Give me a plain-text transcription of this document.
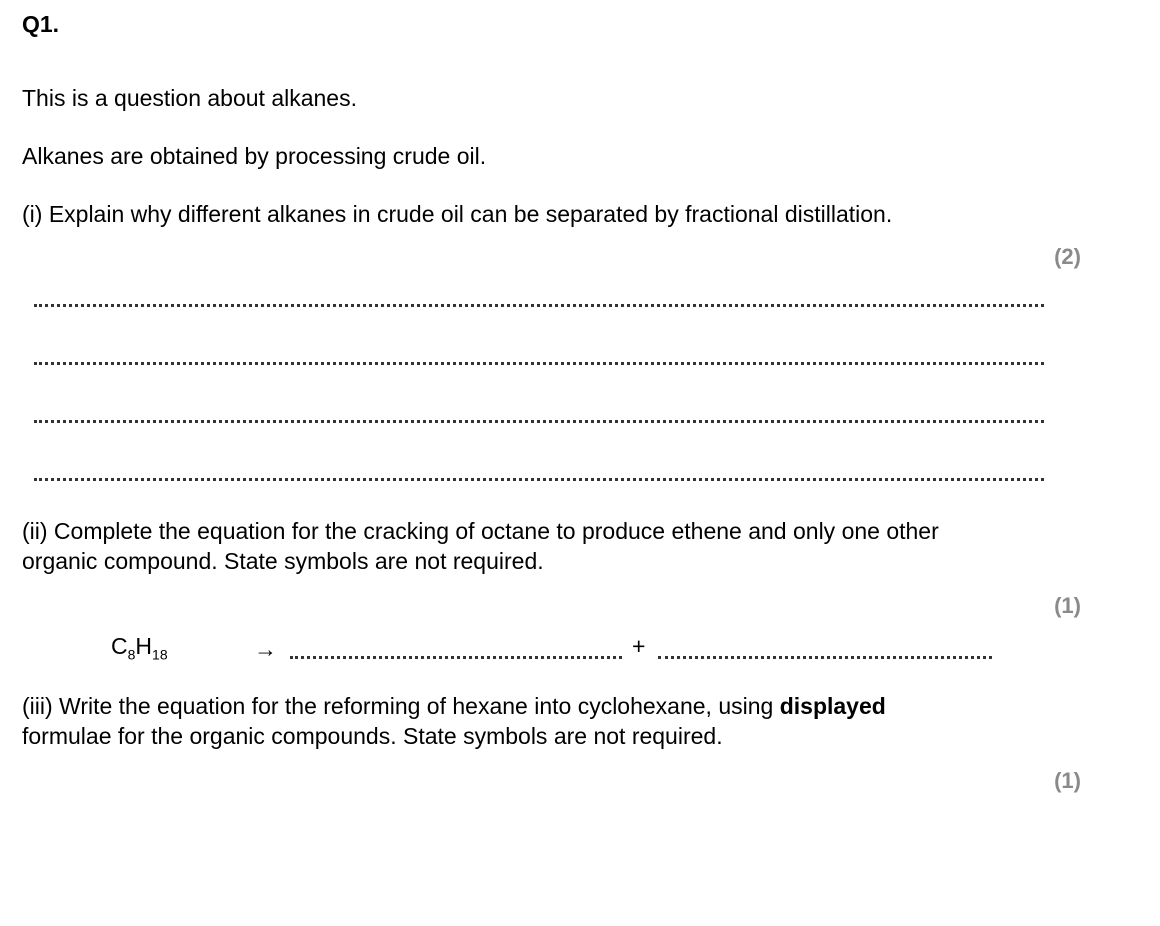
Q1.
This is a question about alkanes.
Alkanes are obtained by processing crude oil.
(i) Explain why different alkanes in crude oil can be separated by fractional distillation.
(2)
(ii) Complete the equation for the cracking of octane to produce ethene and only one other
organic compound. State symbols are not required.
(1)
$C_8H_{18}$	→	+
(iii) Write the equation for the reforming of hexane into cyclohexane, using displayed
formulae for the organic compounds. State symbols are not required.
(1)
